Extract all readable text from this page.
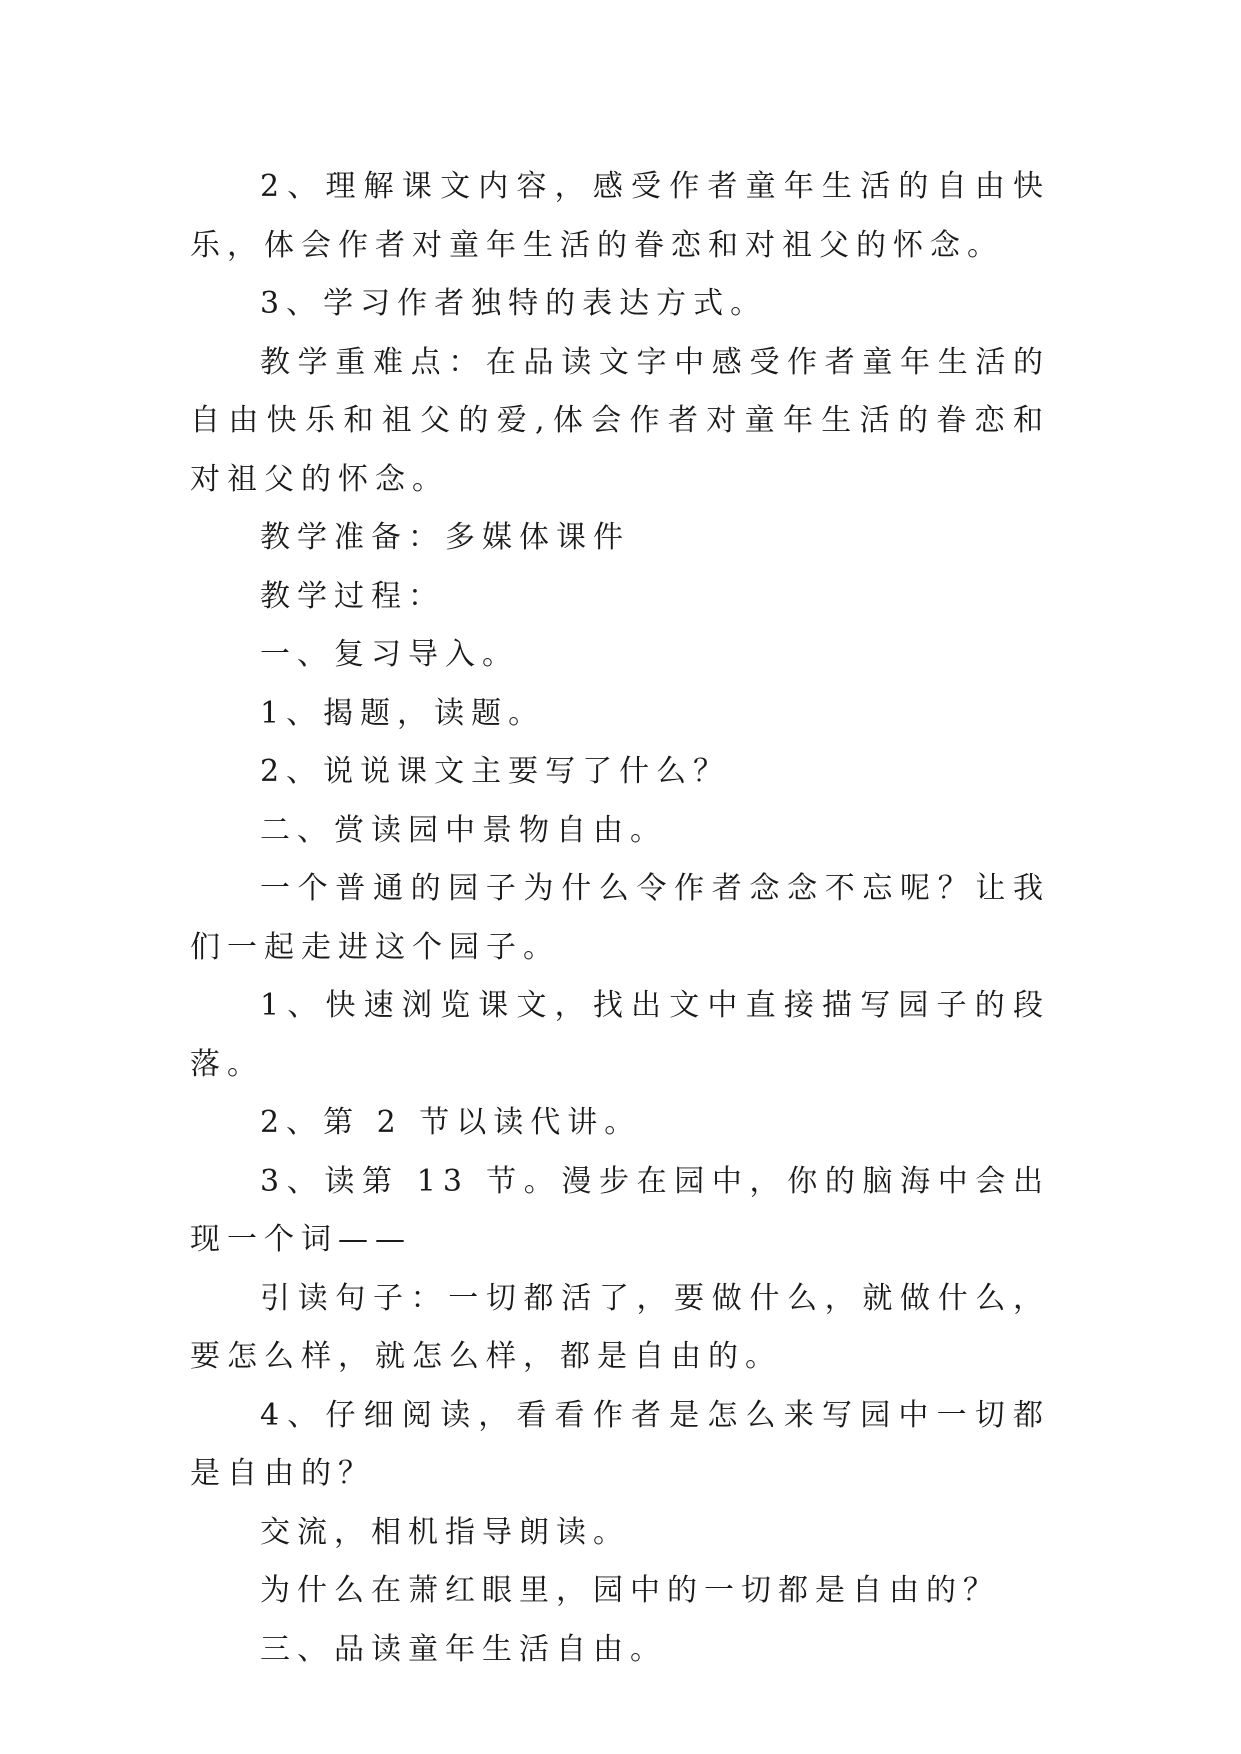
2、理解课文内容，感受作者童年生活的自由快乐，体会作者对童年生活的眷恋和对祖父的怀念。

3、学习作者独特的表达方式。

教学重难点：在品读文字中感受作者童年生活的自由快乐和祖父的爱,体会作者对童年生活的眷恋和对祖父的怀念。

教学准备：多媒体课件

教学过程：

一、复习导入。

1、揭题，读题。

2、说说课文主要写了什么？

二、赏读园中景物自由。

一个普通的园子为什么令作者念念不忘呢？让我们一起走进这个园子。

1、快速浏览课文，找出文中直接描写园子的段落。

2、第 2 节以读代讲。

3、读第 13 节。漫步在园中，你的脑海中会出现一个词——

引读句子：一切都活了，要做什么，就做什么，要怎么样，就怎么样，都是自由的。

4、仔细阅读，看看作者是怎么来写园中一切都是自由的？

交流，相机指导朗读。

为什么在萧红眼里，园中的一切都是自由的？

三、品读童年生活自由。
